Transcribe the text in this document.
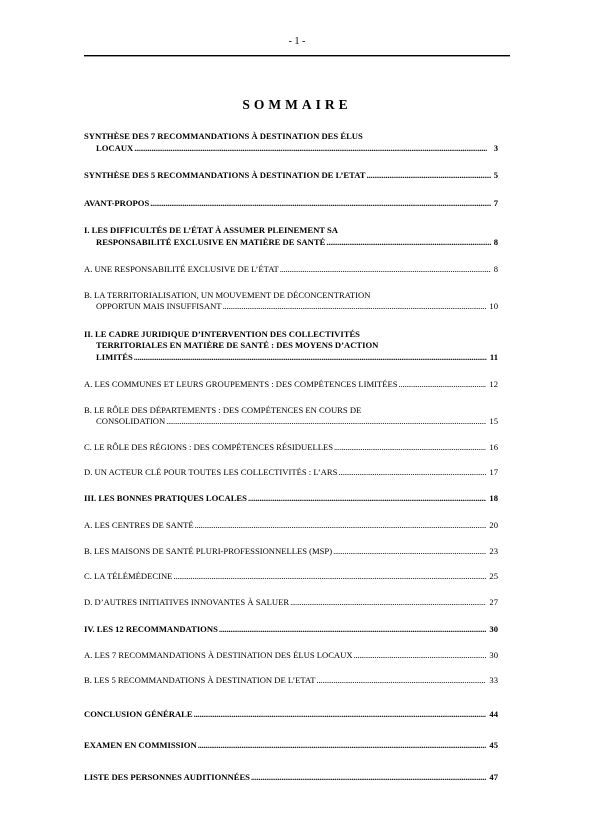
- 1 -
SOMMAIRE
SYNTHÈSE DES 7 RECOMMANDATIONS À DESTINATION DES ÉLUS
LOCAUX . . .	3
SYNTHÈSE DES 5 RECOMMANDATIONS À DESTINATION DE L’ETAT . . .	5
AVANT-PROPOS . . .	7
I. LES DIFFICULTÉS DE L’ÉTAT À ASSUMER PLEINEMENT SA
RESPONSABILITÉ EXCLUSIVE EN MATIÈRE DE SANTÉ . . .	8
A. UNE RESPONSABILITÉ EXCLUSIVE DE L’ÉTAT . . .	8
B. LA TERRITORIALISATION, UN MOUVEMENT DE DÉCONCENTRATION
OPPORTUN MAIS INSUFFISANT . . .	10
II. LE CADRE JURIDIQUE D’INTERVENTION DES COLLECTIVITÉS
TERRITORIALES EN MATIÈRE DE SANTÉ : DES MOYENS D’ACTION
LIMITÉS . . .	11
A. LES COMMUNES ET LEURS GROUPEMENTS : DES COMPÉTENCES LIMITÉES . . .	12
B. LE RÔLE DES DÉPARTEMENTS : DES COMPÉTENCES EN COURS DE
CONSOLIDATION . . .	15
C. LE RÔLE DES RÉGIONS : DES COMPÉTENCES RÉSIDUELLES . . .	16
D. UN ACTEUR CLÉ POUR TOUTES LES COLLECTIVITÉS : L’ARS . . .	17
III. LES BONNES PRATIQUES LOCALES . . .	18
A. LES CENTRES DE SANTÉ . . .	20
B. LES MAISONS DE SANTÉ PLURI-PROFESSIONNELLES (MSP) . . .	23
C. LA TÉLÉMÉDECINE . . .	25
D. D’AUTRES INITIATIVES INNOVANTES À SALUER . . .	27
IV. LES 12 RECOMMANDATIONS . . .	30
A. LES 7 RECOMMANDATIONS À DESTINATION DES ÉLUS LOCAUX . . .	30
B. LES 5 RECOMMANDATIONS À DESTINATION DE L’ETAT . . .	33
CONCLUSION GÉNÉRALE . . .	44
EXAMEN EN COMMISSION . . .	45
LISTE DES PERSONNES AUDITIONNÉES . . .	47
